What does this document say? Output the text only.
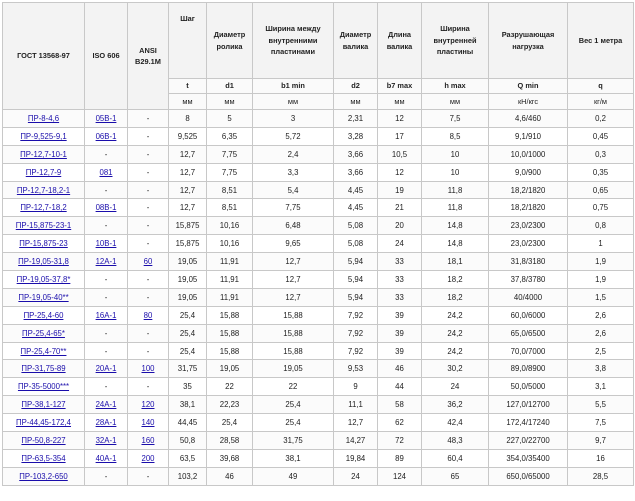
ГОСТ 13568-97	ISO 606	ANSI B29.1M	Шаг	Диаметр ролика	Ширина между внутренними пластинами	Диаметр валика	Длина валика	Ширина внутренней пластины	Разрушающая нагрузка	Вес 1 метра
			t	d1	b1 min	d2	b7 max	h max	Q min	q
			мм	мм	мм	мм	мм	мм	кН/кгс	кг/м
ПР-8-4,6	05В-1	-	8	5	3	2,31	12	7,5	4,6/460	0,2
ПР-9,525-9,1	06В-1	-	9,525	6,35	5,72	3,28	17	8,5	9,1/910	0,45
ПР-12,7-10-1	-	-	12,7	7,75	2,4	3,66	10,5	10	10,0/1000	0,3
ПР-12,7-9	081	-	12,7	7,75	3,3	3,66	12	10	9,0/900	0,35
ПР-12,7-18,2-1	-	-	12,7	8,51	5,4	4,45	19	11,8	18,2/1820	0,65
ПР-12,7-18,2	08В-1	-	12,7	8,51	7,75	4,45	21	11,8	18,2/1820	0,75
ПР-15,875-23-1	-	-	15,875	10,16	6,48	5,08	20	14,8	23,0/2300	0,8
ПР-15,875-23	10В-1	-	15,875	10,16	9,65	5,08	24	14,8	23,0/2300	1
ПР-19,05-31,8	12А-1	60	19,05	11,91	12,7	5,94	33	18,1	31,8/3180	1,9
ПР-19,05-37,8*	-	-	19,05	11,91	12,7	5,94	33	18,2	37,8/3780	1,9
ПР-19,05-40**	-	-	19,05	11,91	12,7	5,94	33	18,2	40/4000	1,5
ПР-25,4-60	16А-1	80	25,4	15,88	15,88	7,92	39	24,2	60,0/6000	2,6
ПР-25,4-65*	-	-	25,4	15,88	15,88	7,92	39	24,2	65,0/6500	2,6
ПР-25,4-70**	-	-	25,4	15,88	15,88	7,92	39	24,2	70,0/7000	2,5
ПР-31,75-89	20А-1	100	31,75	19,05	19,05	9,53	46	30,2	89,0/8900	3,8
ПР-35-5000***	-	-	35	22	22	9	44	24	50,0/5000	3,1
ПР-38,1-127	24А-1	120	38,1	22,23	25,4	11,1	58	36,2	127,0/12700	5,5
ПР-44,45-172,4	28А-1	140	44,45	25,4	25,4	12,7	62	42,4	172,4/17240	7,5
ПР-50,8-227	32А-1	160	50,8	28,58	31,75	14,27	72	48,3	227,0/22700	9,7
ПР-63,5-354	40А-1	200	63,5	39,68	38,1	19,84	89	60,4	354,0/35400	16
ПР-103,2-650	-	-	103,2	46	49	24	124	65	650,0/65000	28,5
